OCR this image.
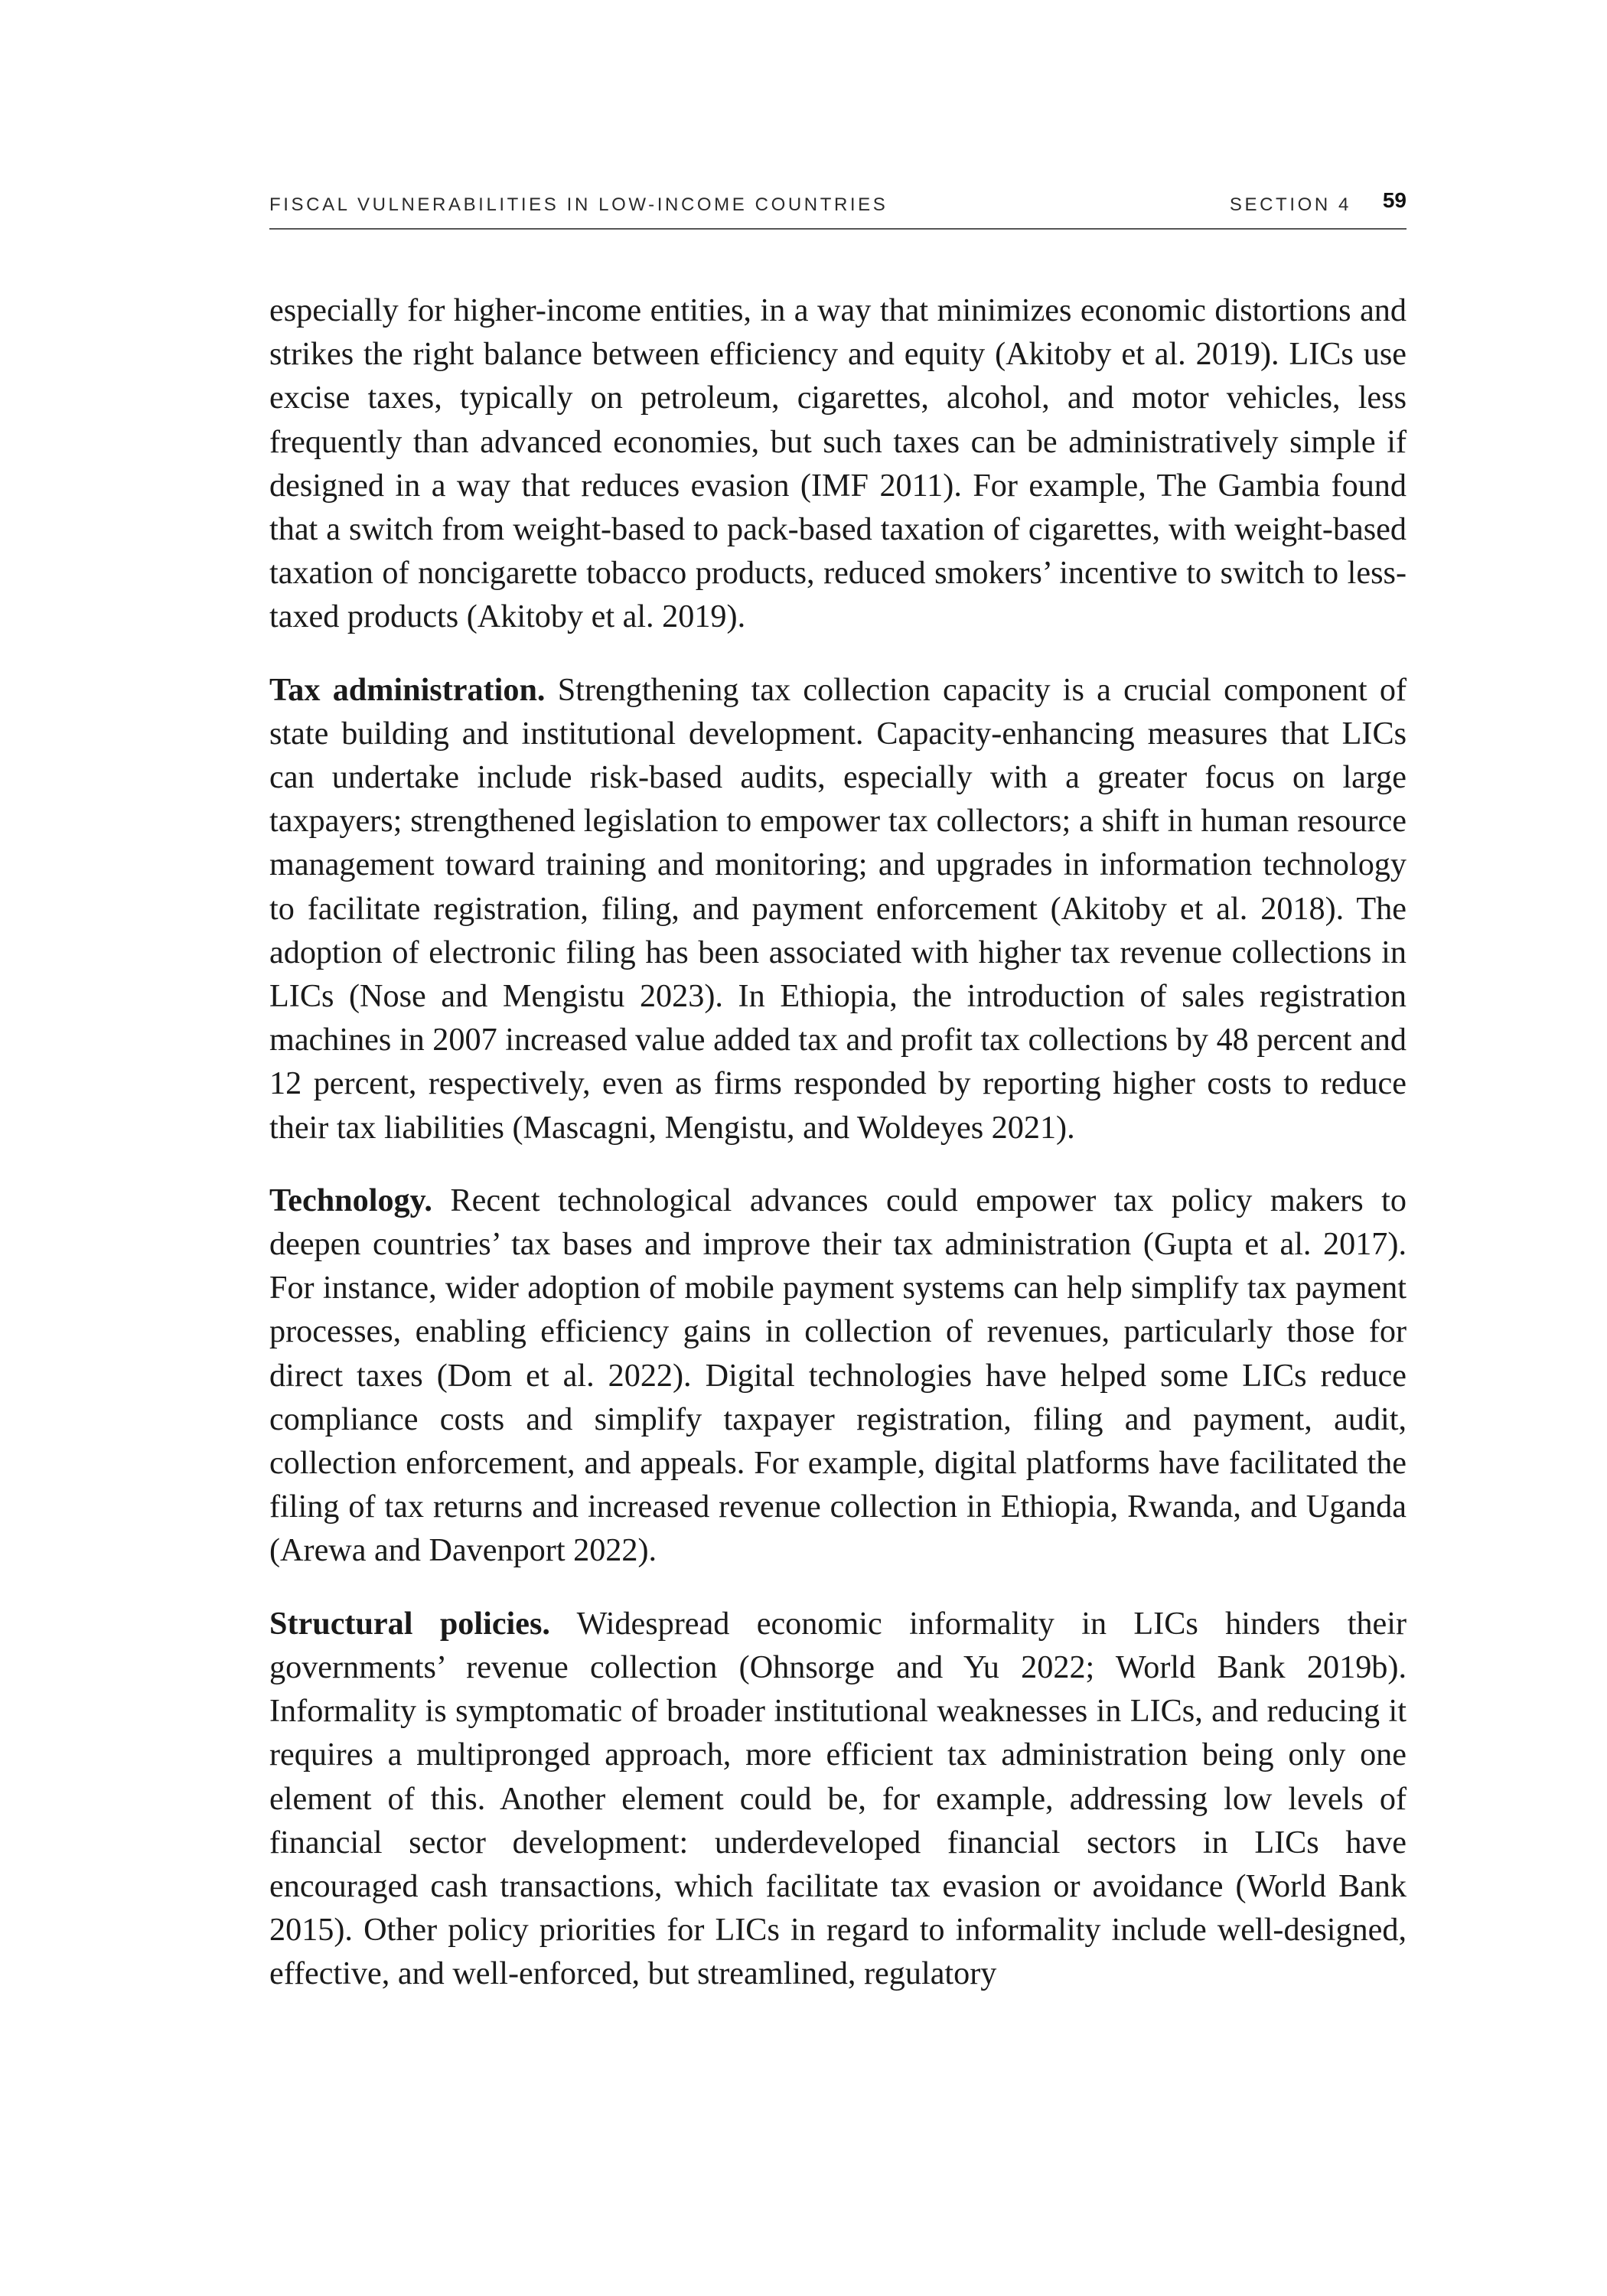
FISCAL VULNERABILITIES IN LOW-INCOME COUNTRIES	SECTION 4 59

especially for higher-income entities, in a way that minimizes economic distortions and strikes the right balance between efficiency and equity (Akitoby et al. 2019). LICs use excise taxes, typically on petroleum, cigarettes, alcohol, and motor vehicles, less frequently than advanced economies, but such taxes can be administratively simple if designed in a way that reduces evasion (IMF 2011). For example, The Gambia found that a switch from weight-based to pack-based taxation of cigarettes, with weight-based taxation of noncigarette tobacco products, reduced smokers’ incentive to switch to less-taxed products (Akitoby et al. 2019).

Tax administration. Strengthening tax collection capacity is a crucial component of state building and institutional development. Capacity-enhancing measures that LICs can undertake include risk-based audits, especially with a greater focus on large taxpayers; strengthened legislation to empower tax collectors; a shift in human resource management toward training and monitoring; and upgrades in information technology to facilitate registration, filing, and payment enforcement (Akitoby et al. 2018). The adoption of electronic filing has been associated with higher tax revenue collections in LICs (Nose and Mengistu 2023). In Ethiopia, the introduction of sales registration machines in 2007 increased value added tax and profit tax collections by 48 percent and 12 percent, respectively, even as firms responded by reporting higher costs to reduce their tax liabilities (Mascagni, Mengistu, and Woldeyes 2021).

Technology. Recent technological advances could empower tax policy makers to deepen countries’ tax bases and improve their tax administration (Gupta et al. 2017). For instance, wider adoption of mobile payment systems can help simplify tax payment processes, enabling efficiency gains in collection of revenues, particularly those for direct taxes (Dom et al. 2022). Digital technologies have helped some LICs reduce compliance costs and simplify taxpayer registration, filing and payment, audit, collection enforcement, and appeals. For example, digital platforms have facilitated the filing of tax returns and increased revenue collection in Ethiopia, Rwanda, and Uganda (Arewa and Davenport 2022).

Structural policies. Widespread economic informality in LICs hinders their governments’ revenue collection (Ohnsorge and Yu 2022; World Bank 2019b). Informality is symptomatic of broader institutional weaknesses in LICs, and reducing it requires a multipronged approach, more efficient tax administration being only one element of this. Another element could be, for example, addressing low levels of financial sector development: underdeveloped financial sectors in LICs have encouraged cash transactions, which facilitate tax evasion or avoidance (World Bank 2015). Other policy priorities for LICs in regard to informality include well-designed, effective, and well-enforced, but streamlined, regulatory
